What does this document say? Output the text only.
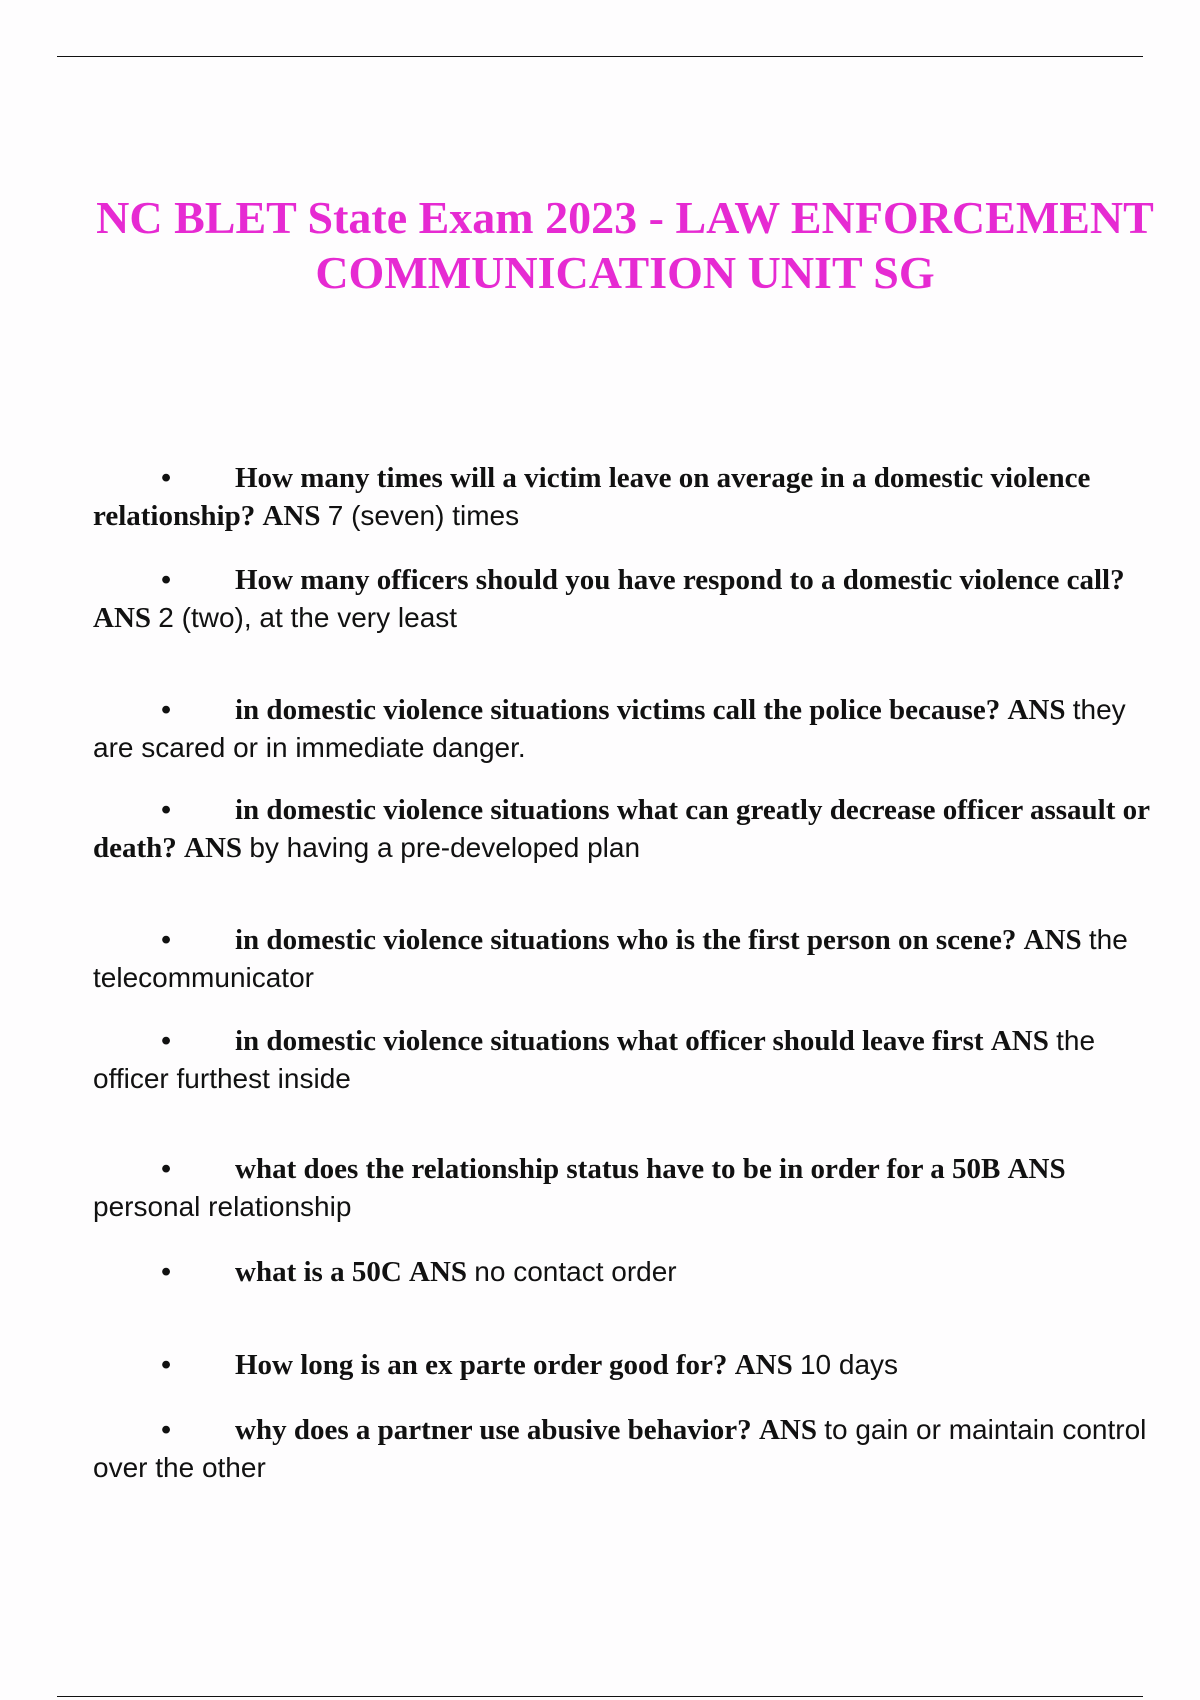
NC BLET State Exam 2023 - LAW ENFORCEMENT COMMUNICATION UNIT SG
• How many times will a victim leave on average in a domestic violence relationship? ANS 7 (seven) times
• How many officers should you have respond to a domestic violence call? ANS 2 (two), at the very least
• in domestic violence situations victims call the police because? ANS they are scared or in immediate danger.
• in domestic violence situations what can greatly decrease officer assault or death? ANS by having a pre-developed plan
• in domestic violence situations who is the first person on scene? ANS the telecommunicator
• in domestic violence situations what officer should leave first ANS the officer furthest inside
• what does the relationship status have to be in order for a 50B ANS personal relationship
• what is a 50C ANS no contact order
• How long is an ex parte order good for? ANS 10 days
• why does a partner use abusive behavior? ANS to gain or maintain control over the other
